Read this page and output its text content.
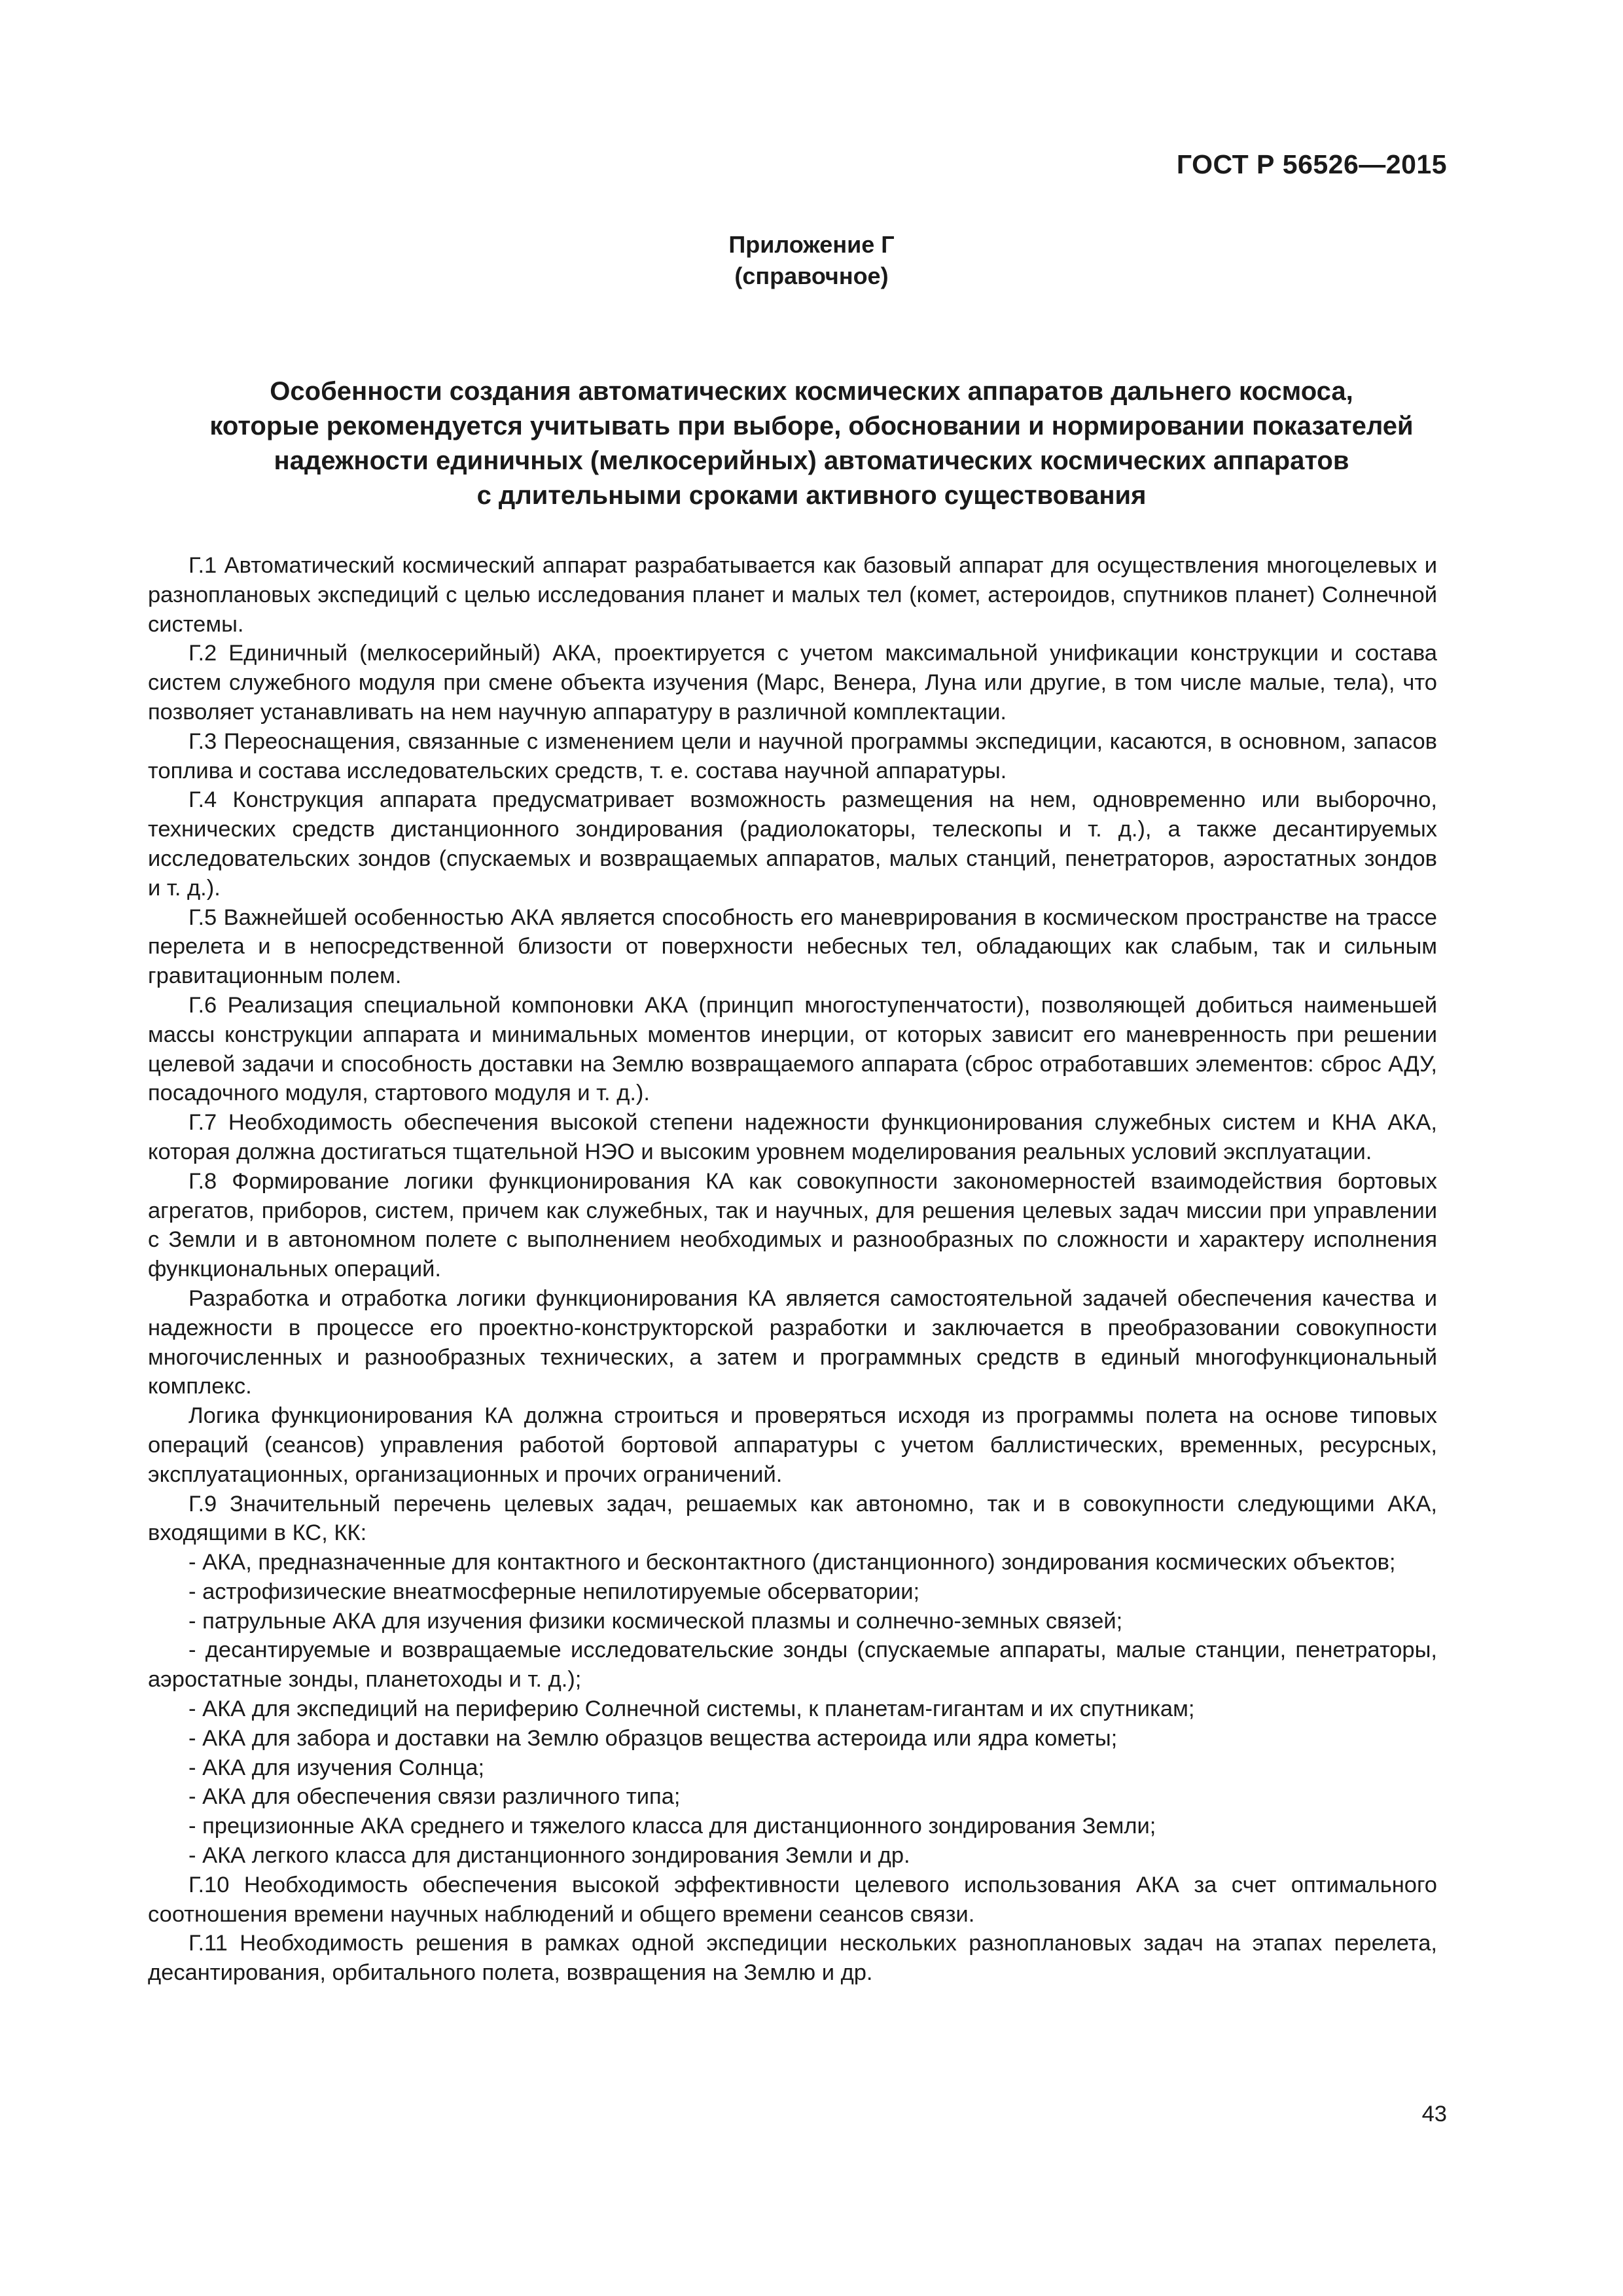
ГОСТ Р 56526—2015
Приложение Г
(справочное)
Особенности создания автоматических космических аппаратов дальнего космоса,
которые рекомендуется учитывать при выборе, обосновании и нормировании показателей
надежности единичных (мелкосерийных) автоматических космических аппаратов
с длительными сроками активного существования

Г.1 Автоматический космический аппарат разрабатывается как базовый аппарат для осуществления многоцелевых и разноплановых экспедиций с целью исследования планет и малых тел (комет, астероидов, спутников планет) Солнечной системы.

Г.2 Единичный (мелкосерийный) АКА, проектируется с учетом максимальной унификации конструкции и состава систем служебного модуля при смене объекта изучения (Марс, Венера, Луна или другие, в том числе малые, тела), что позволяет устанавливать на нем научную аппаратуру в различной комплектации.

Г.3 Переоснащения, связанные с изменением цели и научной программы экспедиции, касаются, в основном, запасов топлива и состава исследовательских средств, т. е. состава научной аппаратуры.

Г.4 Конструкция аппарата предусматривает возможность размещения на нем, одновременно или выборочно, технических средств дистанционного зондирования (радиолокаторы, телескопы и т. д.), а также десантируемых исследовательских зондов (спускаемых и возвращаемых аппаратов, малых станций, пенетраторов, аэростатных зондов и т. д.).

Г.5 Важнейшей особенностью АКА является способность его маневрирования в космическом пространстве на трассе перелета и в непосредственной близости от поверхности небесных тел, обладающих как слабым, так и сильным гравитационным полем.

Г.6 Реализация специальной компоновки АКА (принцип многоступенчатости), позволяющей добиться наименьшей массы конструкции аппарата и минимальных моментов инерции, от которых зависит его маневренность при решении целевой задачи и способность доставки на Землю возвращаемого аппарата (сброс отработавших элементов: сброс АДУ, посадочного модуля, стартового модуля и т. д.).

Г.7 Необходимость обеспечения высокой степени надежности функционирования служебных систем и КНА АКА, которая должна достигаться тщательной НЭО и высоким уровнем моделирования реальных условий эксплуатации.

Г.8 Формирование логики функционирования КА как совокупности закономерностей взаимодействия бортовых агрегатов, приборов, систем, причем как служебных, так и научных, для решения целевых задач миссии при управлении с Земли и в автономном полете с выполнением необходимых и разнообразных по сложности и характеру исполнения функциональных операций.

Разработка и отработка логики функционирования КА является самостоятельной задачей обеспечения качества и надежности в процессе его проектно-конструкторской разработки и заключается в преобразовании совокупности многочисленных и разнообразных технических, а затем и программных средств в единый многофункциональный комплекс.

Логика функционирования КА должна строиться и проверяться исходя из программы полета на основе типовых операций (сеансов) управления работой бортовой аппаратуры с учетом баллистических, временных, ресурсных, эксплуатационных, организационных и прочих ограничений.

Г.9 Значительный перечень целевых задач, решаемых как автономно, так и в совокупности следующими АКА, входящими в КС, КК:

- АКА, предназначенные для контактного и бесконтактного (дистанционного) зондирования космических объектов;

- астрофизические внеатмосферные непилотируемые обсерватории;

- патрульные АКА для изучения физики космической плазмы и солнечно-земных связей;

- десантируемые и возвращаемые исследовательские зонды (спускаемые аппараты, малые станции, пенетраторы, аэростатные зонды, планетоходы и т. д.);

- АКА для экспедиций на периферию Солнечной системы, к планетам-гигантам и их спутникам;

- АКА для забора и доставки на Землю образцов вещества астероида или ядра кометы;

- АКА для изучения Солнца;

- АКА для обеспечения связи различного типа;

- прецизионные АКА среднего и тяжелого класса для дистанционного зондирования Земли;

- АКА легкого класса для дистанционного зондирования Земли и др.

Г.10 Необходимость обеспечения высокой эффективности целевого использования АКА за счет оптимального соотношения времени научных наблюдений и общего времени сеансов связи.

Г.11 Необходимость решения в рамках одной экспедиции нескольких разноплановых задач на этапах перелета, десантирования, орбитального полета, возвращения на Землю и др.

43
